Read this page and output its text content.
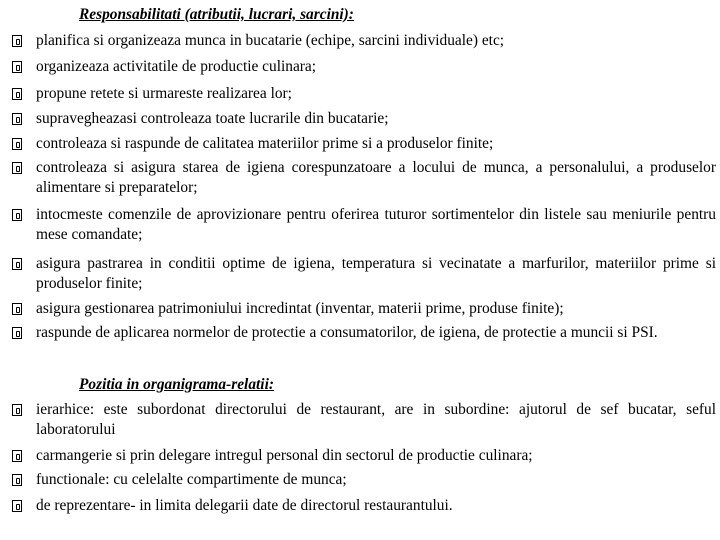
Responsabilitati (atributii, lucrari, sarcini):
planifica si organizeaza munca in bucatarie (echipe, sarcini individuale) etc;
organizeaza activitatile de productie culinara;
propune retete si urmareste realizarea lor;
supravegheazasi controleaza toate lucrarile din bucatarie;
controleaza si raspunde de calitatea materiilor prime si a produselor finite;
controleaza si asigura starea de igiena corespunzatoare a locului de munca, a personalului, a produselor alimentare si preparatelor;
intocmeste comenzile de aprovizionare pentru oferirea tuturor sortimentelor din listele sau meniurile pentru mese comandate;
asigura pastrarea in conditii optime de igiena, temperatura si vecinatate a marfurilor, materiilor prime si produselor finite;
asigura gestionarea patrimoniului incredintat (inventar, materii prime, produse finite);
raspunde de aplicarea normelor de protectie a consumatorilor, de igiena, de protectie a muncii si PSI.
Pozitia in organigrama-relatii:
ierarhice: este subordonat directorului de restaurant, are in subordine: ajutorul de sef bucatar, seful laboratorului
carmangerie si prin delegare intregul personal din sectorul de productie culinara;
functionale: cu celelalte compartimente de munca;
de reprezentare- in limita delegarii date de directorul restaurantului.
